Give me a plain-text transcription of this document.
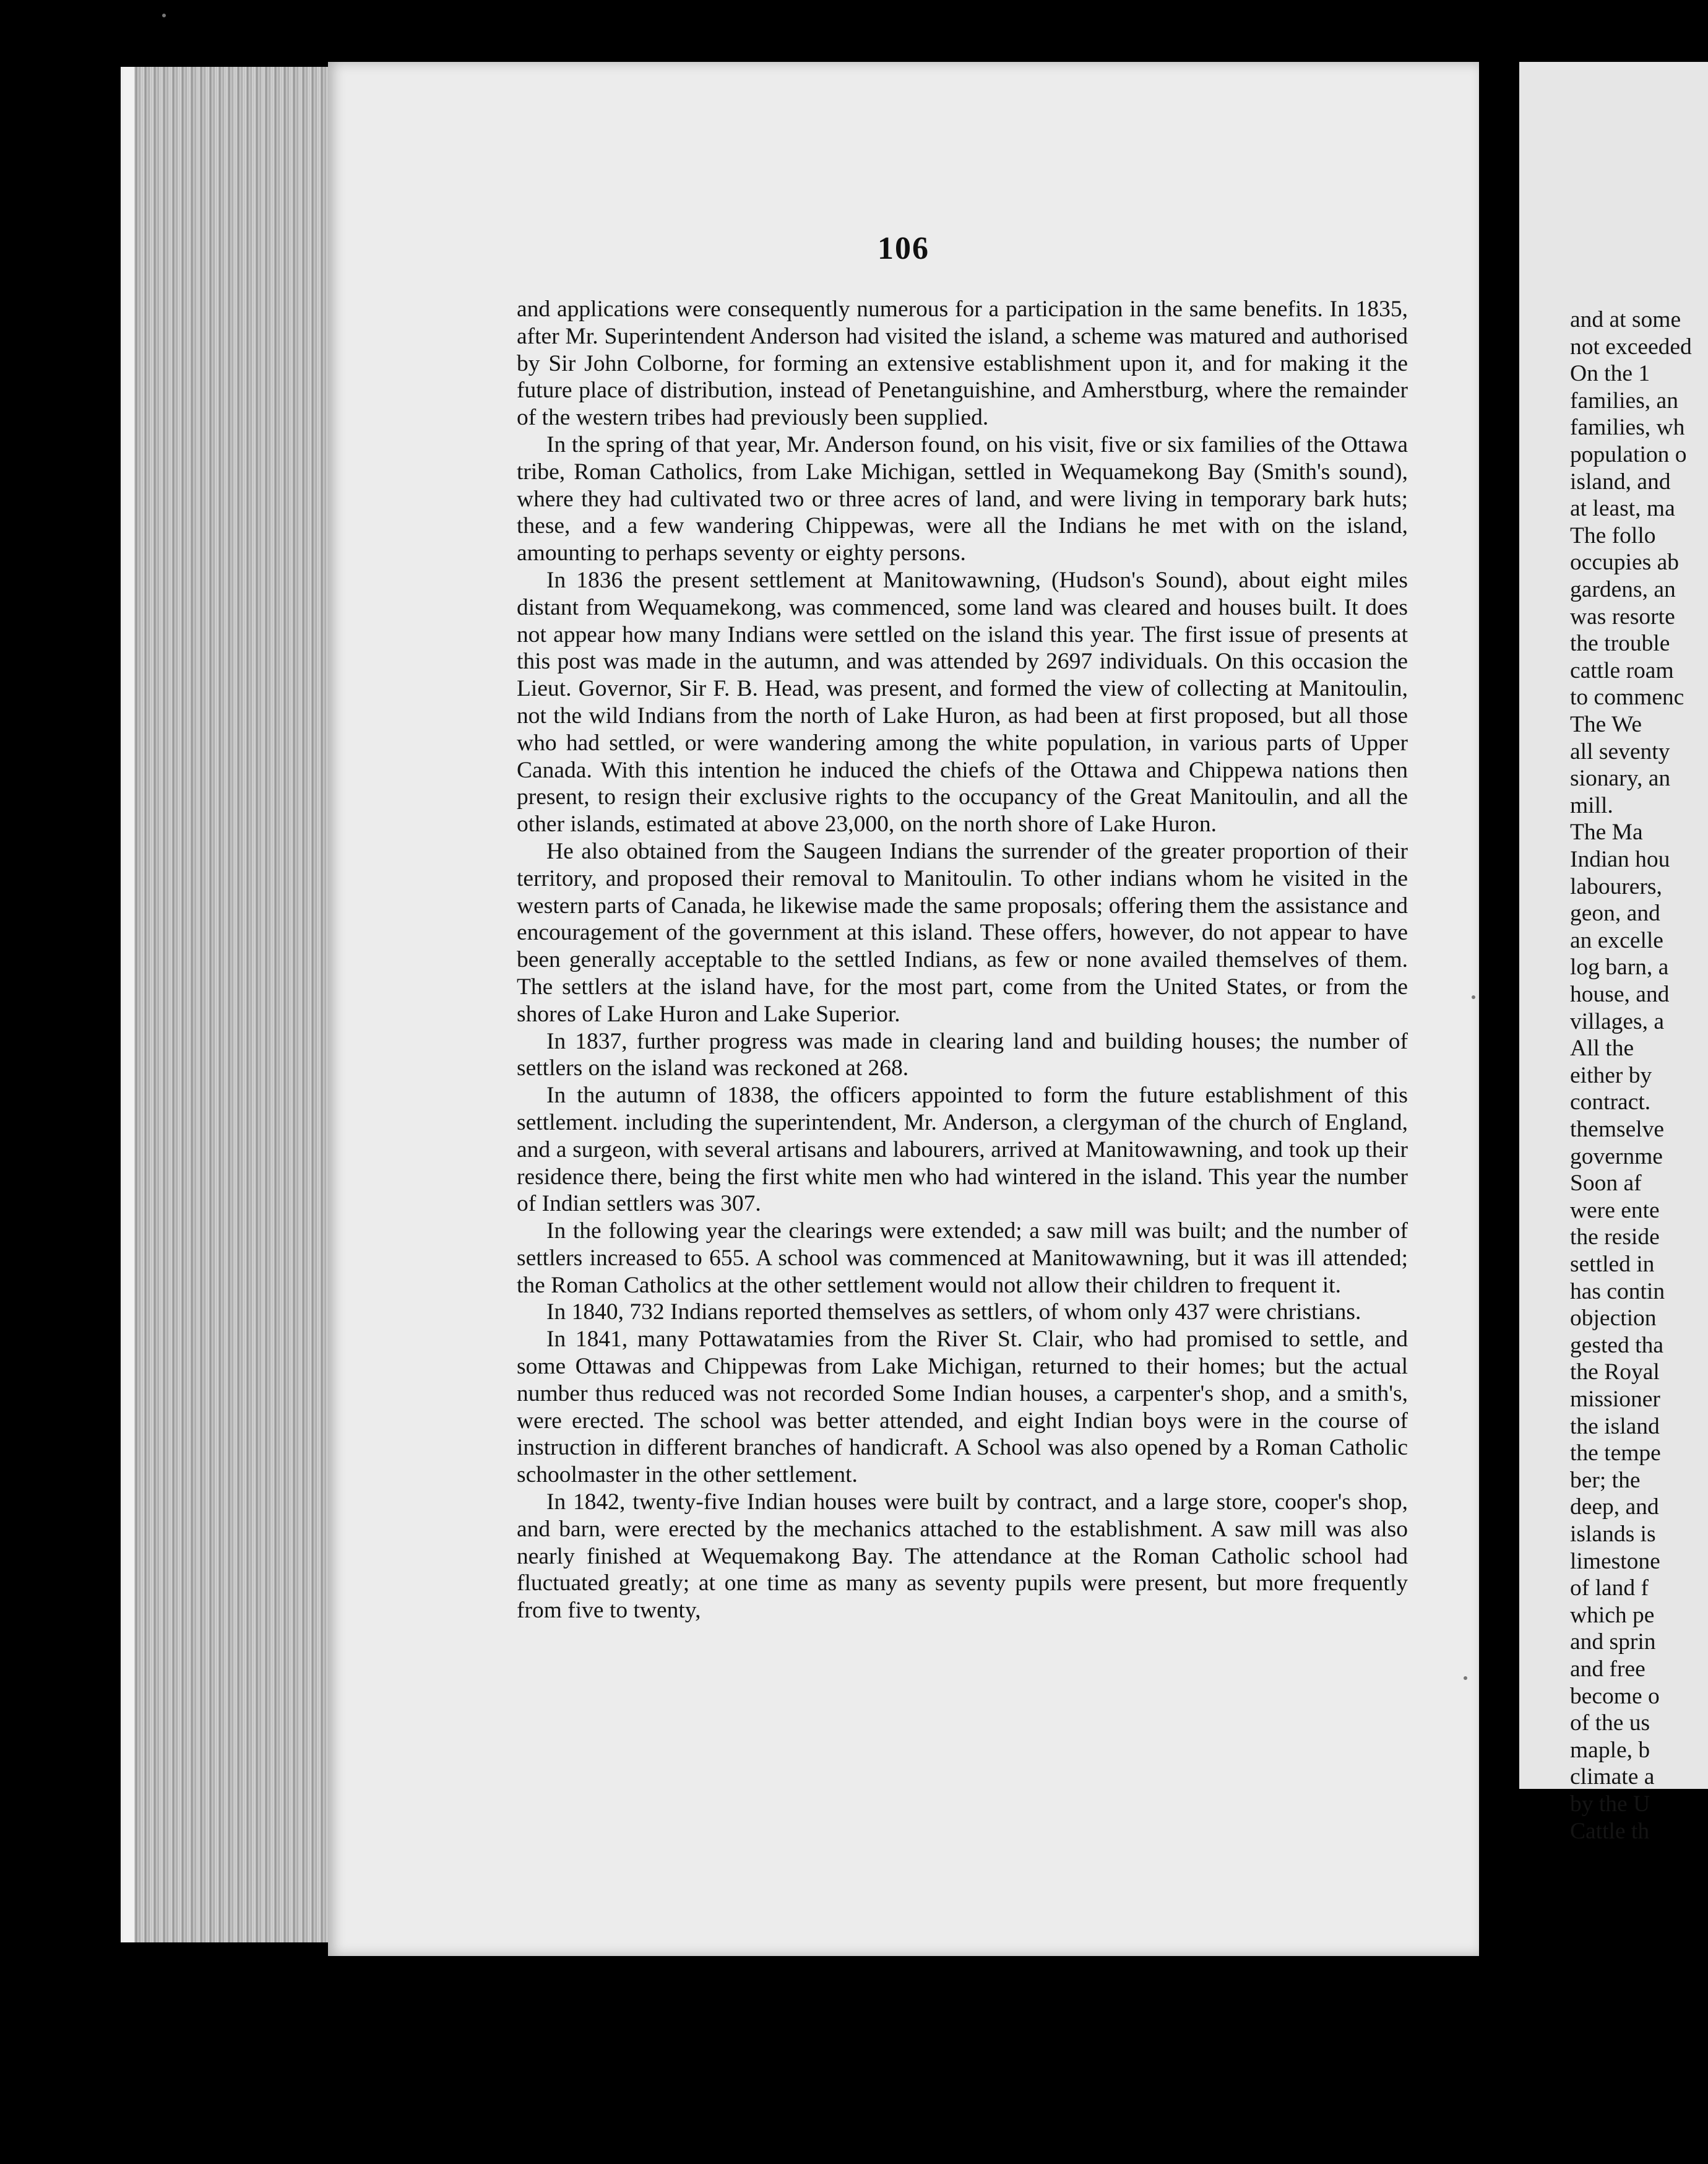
106

and applications were consequently numerous for a participation in the same benefits. In 1835, after Mr. Superintendent Anderson had visited the island, a scheme was matured and authorised by Sir John Colborne, for forming an extensive establishment upon it, and for making it the future place of distribution, instead of Penetanguishine, and Amherstburg, where the remainder of the western tribes had previously been supplied.

In the spring of that year, Mr. Anderson found, on his visit, five or six families of the Ottawa tribe, Roman Catholics, from Lake Michigan, settled in Wequamekong Bay (Smith's sound), where they had cultivated two or three acres of land, and were living in temporary bark huts; these, and a few wandering Chippewas, were all the Indians he met with on the island, amounting to perhaps seventy or eighty persons.

In 1836 the present settlement at Manitowawning, (Hudson's Sound), about eight miles distant from Wequamekong, was commenced, some land was cleared and houses built. It does not appear how many Indians were settled on the island this year. The first issue of presents at this post was made in the autumn, and was attended by 2697 individuals. On this occasion the Lieut. Governor, Sir F. B. Head, was present, and formed the view of collecting at Manitoulin, not the wild Indians from the north of Lake Huron, as had been at first proposed, but all those who had settled, or were wandering among the white population, in various parts of Upper Canada. With this intention he induced the chiefs of the Ottawa and Chippewa nations then present, to resign their exclusive rights to the occupancy of the Great Manitoulin, and all the other islands, estimated at above 23,000, on the north shore of Lake Huron.

He also obtained from the Saugeen Indians the surrender of the greater proportion of their territory, and proposed their removal to Manitoulin. To other indians whom he visited in the western parts of Canada, he likewise made the same proposals; offering them the assistance and encouragement of the government at this island. These offers, however, do not appear to have been generally acceptable to the settled Indians, as few or none availed themselves of them. The settlers at the island have, for the most part, come from the United States, or from the shores of Lake Huron and Lake Superior.

In 1837, further progress was made in clearing land and building houses; the number of settlers on the island was reckoned at 268.

In the autumn of 1838, the officers appointed to form the future establishment of this settlement. including the superintendent, Mr. Anderson, a clergyman of the church of England, and a surgeon, with several artisans and labourers, arrived at Manitowawning, and took up their residence there, being the first white men who had wintered in the island. This year the number of Indian settlers was 307.

In the following year the clearings were extended; a saw mill was built; and the number of settlers increased to 655. A school was commenced at Manitowawning, but it was ill attended; the Roman Catholics at the other settlement would not allow their children to frequent it.

In 1840, 732 Indians reported themselves as settlers, of whom only 437 were christians.

In 1841, many Pottawatamies from the River St. Clair, who had promised to settle, and some Ottawas and Chippewas from Lake Michigan, returned to their homes; but the actual number thus reduced was not recorded Some Indian houses, a carpenter's shop, and a smith's, were erected. The school was better attended, and eight Indian boys were in the course of instruction in different branches of handicraft. A School was also opened by a Roman Catholic schoolmaster in the other settlement.

In 1842, twenty-five Indian houses were built by contract, and a large store, cooper's shop, and barn, were erected by the mechanics attached to the establishment. A saw mill was also nearly finished at Wequemakong Bay. The attendance at the Roman Catholic school had fluctuated greatly; at one time as many as seventy pupils were present, but more frequently from five to twenty,

and at some
not exceeded
On the 1
families, an
families, wh
population o
island, and
at least, ma
The follo
occupies ab
gardens, an
was resorte
the trouble
cattle roam
to commenc
The We
all seventy
sionary, an
mill.
The Ma
Indian hou
labourers,
geon, and
an excelle
log barn, a
house, and
villages, a
All the
either by
contract.
themselve
governme
Soon af
were ente
the reside
settled in
has contin
objection
gested tha
the Royal
missioner
the island
the tempe
ber; the
deep, and
islands is
limestone
of land f
which pe
and sprin
and free
become o
of the us
maple, b
climate a
by the U
Cattle th
